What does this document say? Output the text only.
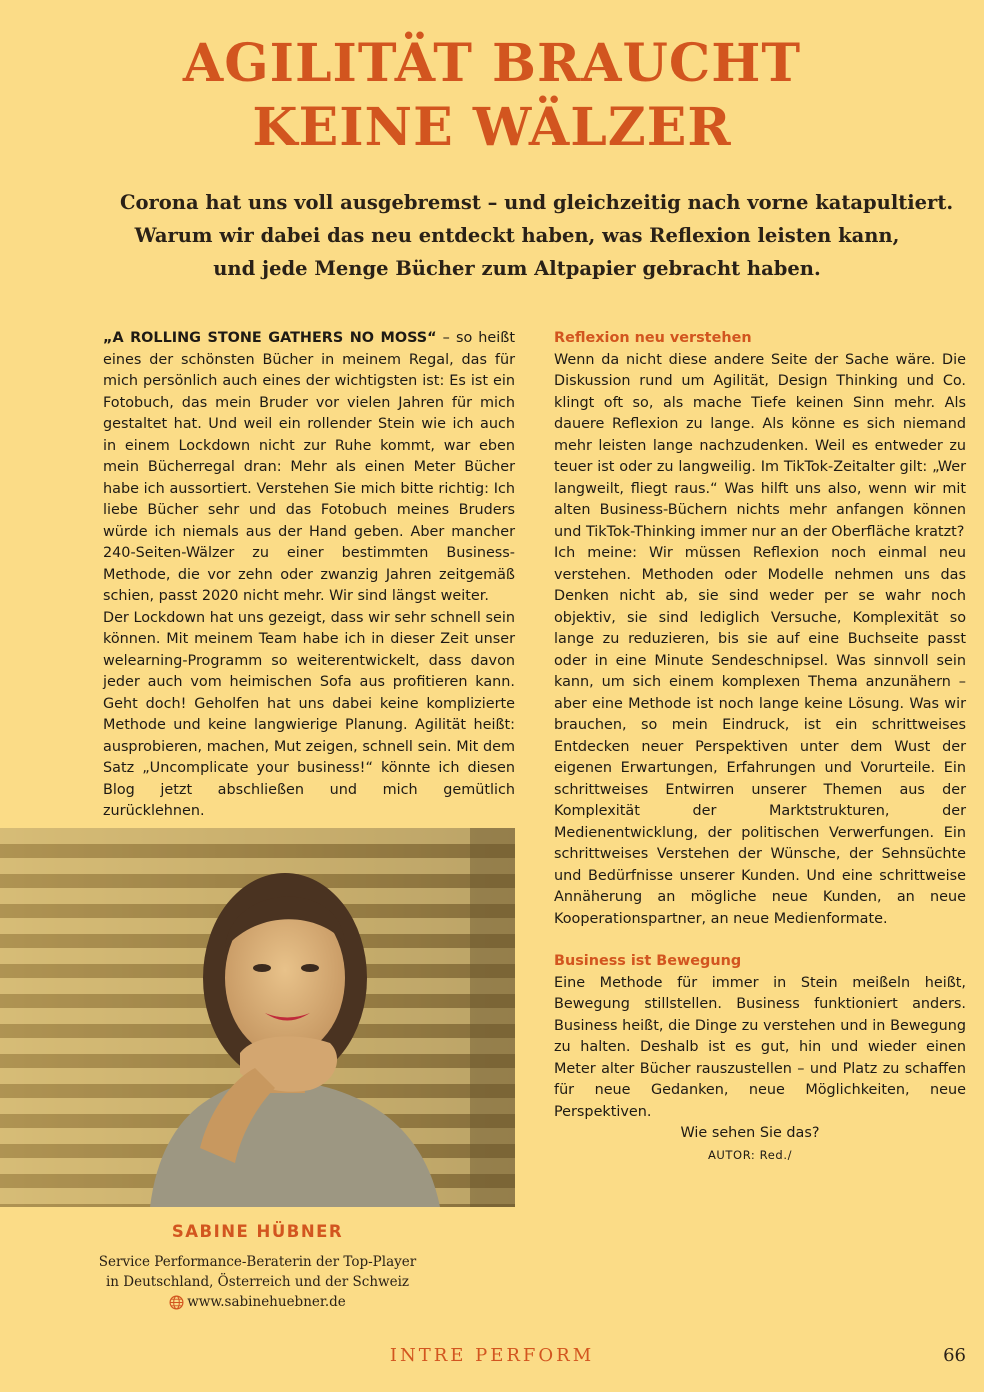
AGILITÄT BRAUCHT
KEINE WÄLZER
Corona hat uns voll ausgebremst – und gleichzeitig nach vorne katapultiert.
Warum wir dabei das neu entdeckt haben, was Reflexion leisten kann,
und jede Menge Bücher zum Altpapier gebracht haben.

„A ROLLING STONE GATHERS NO MOSS“ – so heißt eines der schönsten Bücher in meinem Regal, das für mich persönlich auch eines der wichtigsten ist: Es ist ein Fotobuch, das mein Bruder vor vielen Jahren für mich gestaltet hat. Und weil ein rollender Stein wie ich auch in einem Lockdown nicht zur Ruhe kommt, war eben mein Bücherregal dran: Mehr als einen Meter Bücher habe ich aussortiert. Verstehen Sie mich bitte richtig: Ich liebe Bücher sehr und das Fotobuch meines Bruders würde ich niemals aus der Hand geben. Aber mancher 240-Seiten-Wälzer zu einer bestimmten Business-Methode, die vor zehn oder zwanzig Jahren zeitgemäß schien, passt 2020 nicht mehr. Wir sind längst weiter.

Der Lockdown hat uns gezeigt, dass wir sehr schnell sein können. Mit meinem Team habe ich in dieser Zeit unser welearning-Programm so weiterentwickelt, dass davon jeder auch vom heimischen Sofa aus profitieren kann. Geht doch! Geholfen hat uns dabei keine komplizierte Methode und keine langwierige Planung. Agilität heißt: ausprobieren, machen, Mut zeigen, schnell sein. Mit dem Satz „Uncomplicate your business!“ könnte ich diesen Blog jetzt abschließen und mich gemütlich zurücklehnen.

Reflexion neu verstehen

Wenn da nicht diese andere Seite der Sache wäre. Die Diskussion rund um Agilität, Design Thinking und Co. klingt oft so, als mache Tiefe keinen Sinn mehr. Als dauere Reflexion zu lange. Als könne es sich niemand mehr leisten lange nachzudenken. Weil es entweder zu teuer ist oder zu langweilig. Im TikTok-Zeitalter gilt: „Wer langweilt, fliegt raus.“ Was hilft uns also, wenn wir mit alten Business-Büchern nichts mehr anfangen können und TikTok-Thinking immer nur an der Oberfläche kratzt?

Ich meine: Wir müssen Reflexion noch einmal neu verstehen. Methoden oder Modelle nehmen uns das Denken nicht ab, sie sind weder per se wahr noch objektiv, sie sind lediglich Versuche, Komplexität so lange zu reduzieren, bis sie auf eine Buchseite passt oder in eine Minute Sendeschnipsel. Was sinnvoll sein kann, um sich einem komplexen Thema anzunähern – aber eine Methode ist noch lange keine Lösung. Was wir brauchen, so mein Eindruck, ist ein schrittweises Entdecken neuer Perspektiven unter dem Wust der eigenen Erwartungen, Erfahrungen und Vorurteile. Ein schrittweises Entwirren unserer Themen aus der Komplexität der Marktstrukturen, der Medienentwicklung, der politischen Verwerfungen. Ein schrittweises Verstehen der Wünsche, der Sehnsüchte und Bedürfnisse unserer Kunden. Und eine schrittweise Annäherung an mögliche neue Kunden, an neue Kooperationspartner, an neue Medienformate.

Business ist Bewegung

Eine Methode für immer in Stein meißeln heißt, Bewegung stillstellen. Business funktioniert anders. Business heißt, die Dinge zu verstehen und in Bewegung zu halten. Deshalb ist es gut, hin und wieder einen Meter alter Bücher rauszustellen – und Platz zu schaffen für neue Gedanken, neue Möglichkeiten, neue Perspektiven.

Wie sehen Sie das?

AUTOR: Red./

SABINE HÜBNER
Service Performance-Beraterin der Top-Player
in Deutschland, Österreich und der Schweiz
www.sabinehuebner.de
INTRE PERFORM	66
